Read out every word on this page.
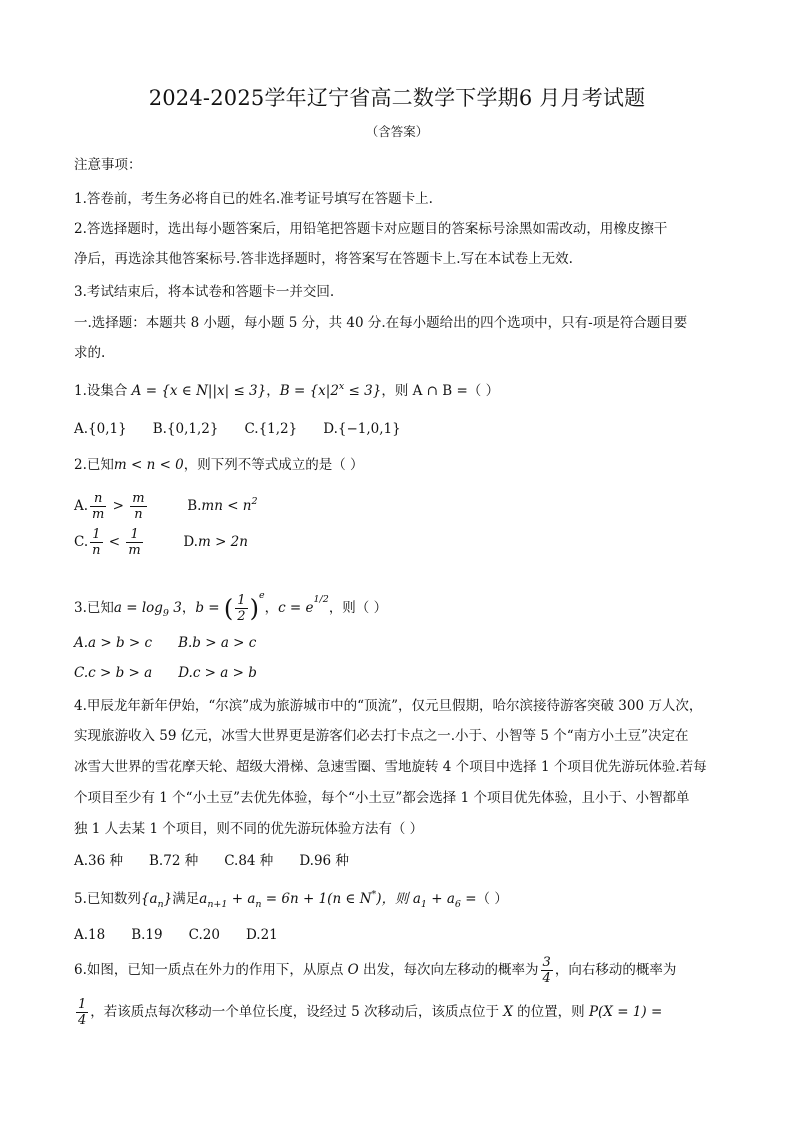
2024-2025学年辽宁省高二数学下学期6 月月考试题
（含答案）
注意事项：
1.答卷前，考生务必将自已的姓名.准考证号填写在答题卡上.
2.答选择题时，选出每小题答案后，用铅笔把答题卡对应题目的答案标号涂黑如需改动，用橡皮擦干
净后，再选涂其他答案标号.答非选择题时，将答案写在答题卡上.写在本试卷上无效.
3.考试结束后，将本试卷和答题卡一并交回.
一.选择题：本题共 8 小题，每小题 5 分，共 40 分.在每小题给出的四个选项中，只有-项是符合题目要
求的.
1.设集合 A = {x ∈ N||x| ≤ 3}，$B = \{x|2^x \le 3\}$，则 A ∩ B =（ ）
A.{0,1} B.{0,1,2} C.{1,2} D.{−1,0,1}
2.已知m < n < 0，则下列不等式成立的是（ ）
A. $\frac{n}{m} > \frac{m}{n}$	$B.mn < n^2$
C. $\frac{1}{n} < \frac{1}{m}$	D.m > 2n
3.已知$a = \log_9 3$，b = ( $\frac{1}{2} )^e$，$c = e^{1/2}$，则（ ）
A.a > b > c B.b > a > c
C.c > b > a D.c > a > b
4.甲辰龙年新年伊始，“尔滨”成为旅游城市中的“顶流”，仅元旦假期，哈尔滨接待游客突破 300 万人次，
实现旅游收入 59 亿元，冰雪大世界更是游客们必去打卡点之一.小于、小智等 5 个“南方小土豆”决定在
冰雪大世界的雪花摩天轮、超级大滑梯、急速雪圈、雪地旋转 4 个项目中选择 1 个项目优先游玩体验.若每
个项目至少有 1 个“小土豆”去优先体验，每个“小土豆”都会选择 1 个项目优先体验，且小于、小智都单
独 1 人去某 1 个项目，则不同的优先游玩体验方法有（ ）
A.36 种 B.72 种 C.84 种 D.96 种
5.已知数列$\{a_n\}$满足$a_{n+1} + a_n = 6n + 1(n$ ∈ N*)，则 $a_1 + a_6$ =（ ）
A.18 B.19 C.20 D.21
6.如图，已知一质点在外力的作用下，从原点 O 出发，每次向左移动的概率为 $\frac{3}{4}$ ，向右移动的概率为
$\frac{1}{4}$ ，若该质点每次移动一个单位长度，设经过 5 次移动后，该质点位于 X 的位置，则 P(X = 1) =
